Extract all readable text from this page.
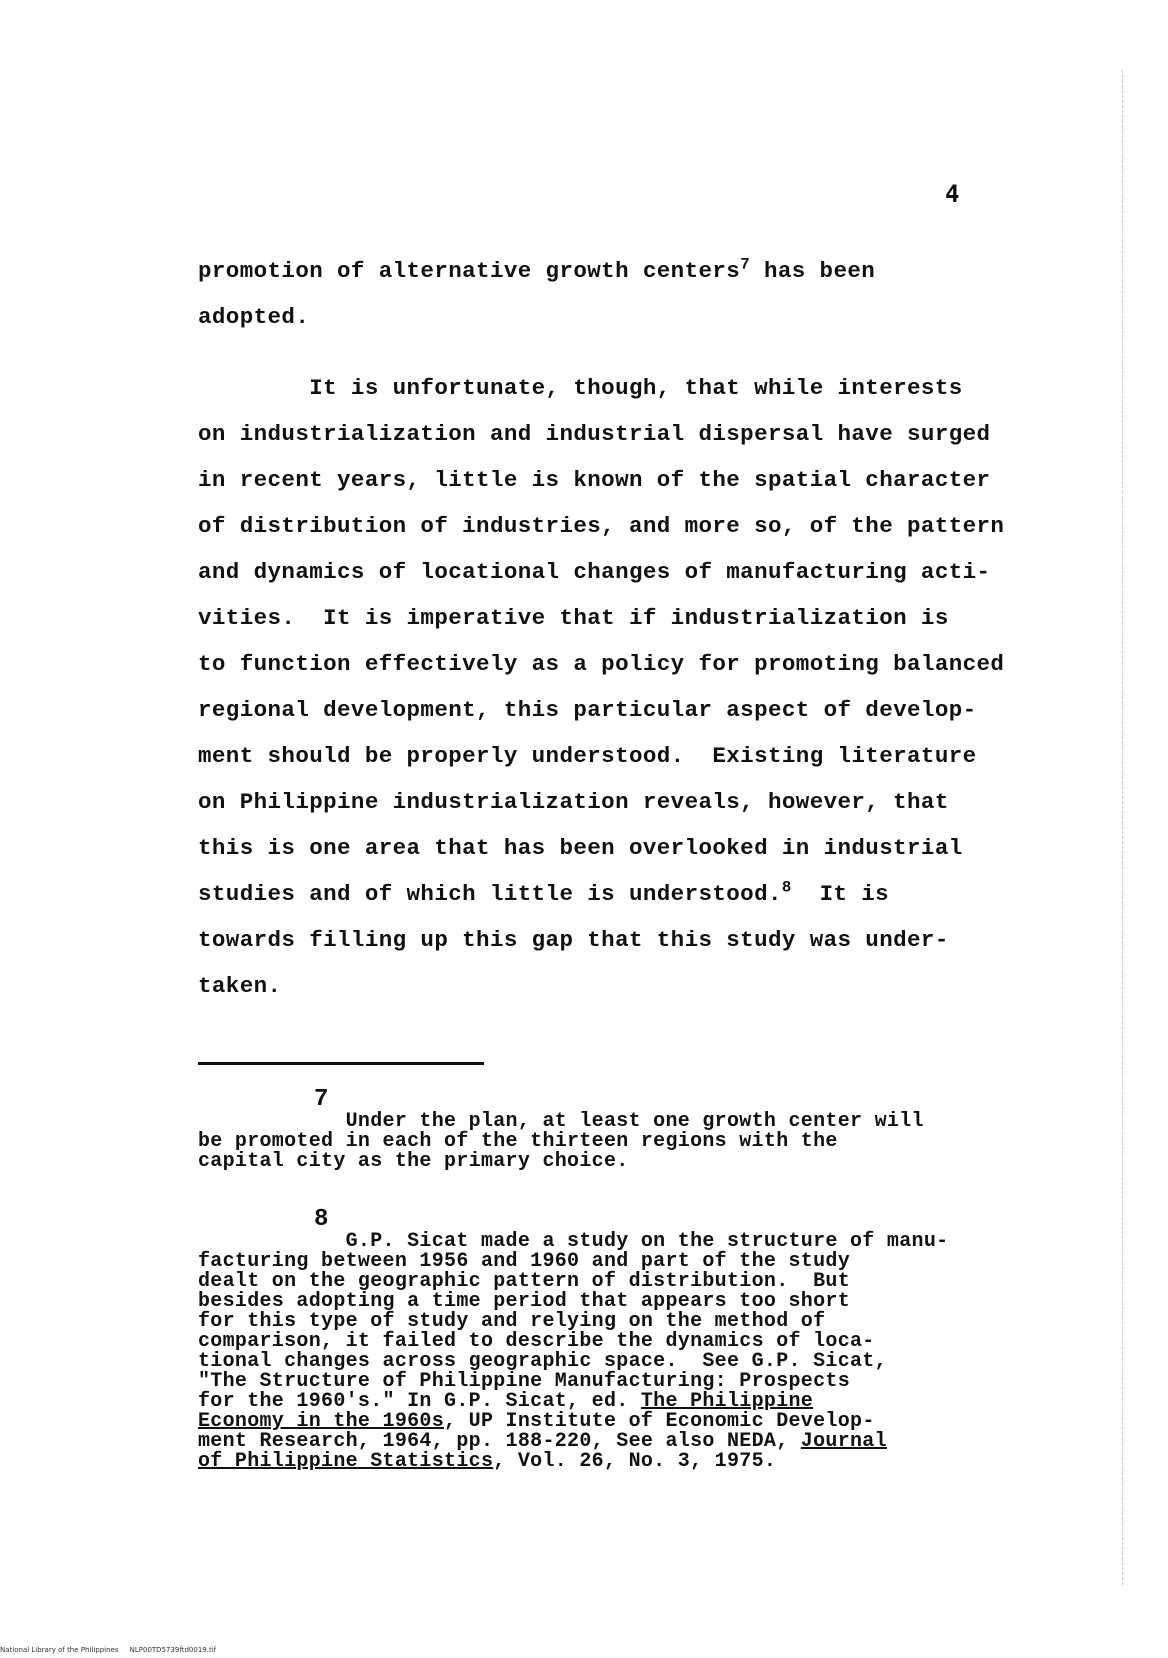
4
promotion of alternative growth centers$^7$ has been
adopted.
It is unfortunate, though, that while interests
on industrialization and industrial dispersal have surged
in recent years, little is known of the spatial character
of distribution of industries, and more so, of the pattern
and dynamics of locational changes of manufacturing acti-
vities.  It is imperative that if industrialization is
to function effectively as a policy for promoting balanced
regional development, this particular aspect of develop-
ment should be properly understood.  Existing literature
on Philippine industrialization reveals, however, that
this is one area that has been overlooked in industrial
studies and of which little is understood.$^8$  It is
towards filling up this gap that this study was under-
taken.
7
Under the plan, at least one growth center will
be promoted in each of the thirteen regions with the
capital city as the primary choice.
8
G.P. Sicat made a study on the structure of manu-
facturing between 1956 and 1960 and part of the study
dealt on the geographic pattern of distribution.  But
besides adopting a time period that appears too short
for this type of study and relying on the method of
comparison, it failed to describe the dynamics of loca-
tional changes across geographic space.  See G.P. Sicat,
"The Structure of Philippine Manufacturing: Prospects
for the 1960's." In G.P. Sicat, ed. The Philippine
Economy in the 1960s, UP Institute of Economic Develop-
ment Research, 1964, pp. 188-220, See also NEDA, Journal
of Philippine Statistics, Vol. 26, No. 3, 1975.
National Library of the Philippines NLP00TD5739ftd0019.tif
